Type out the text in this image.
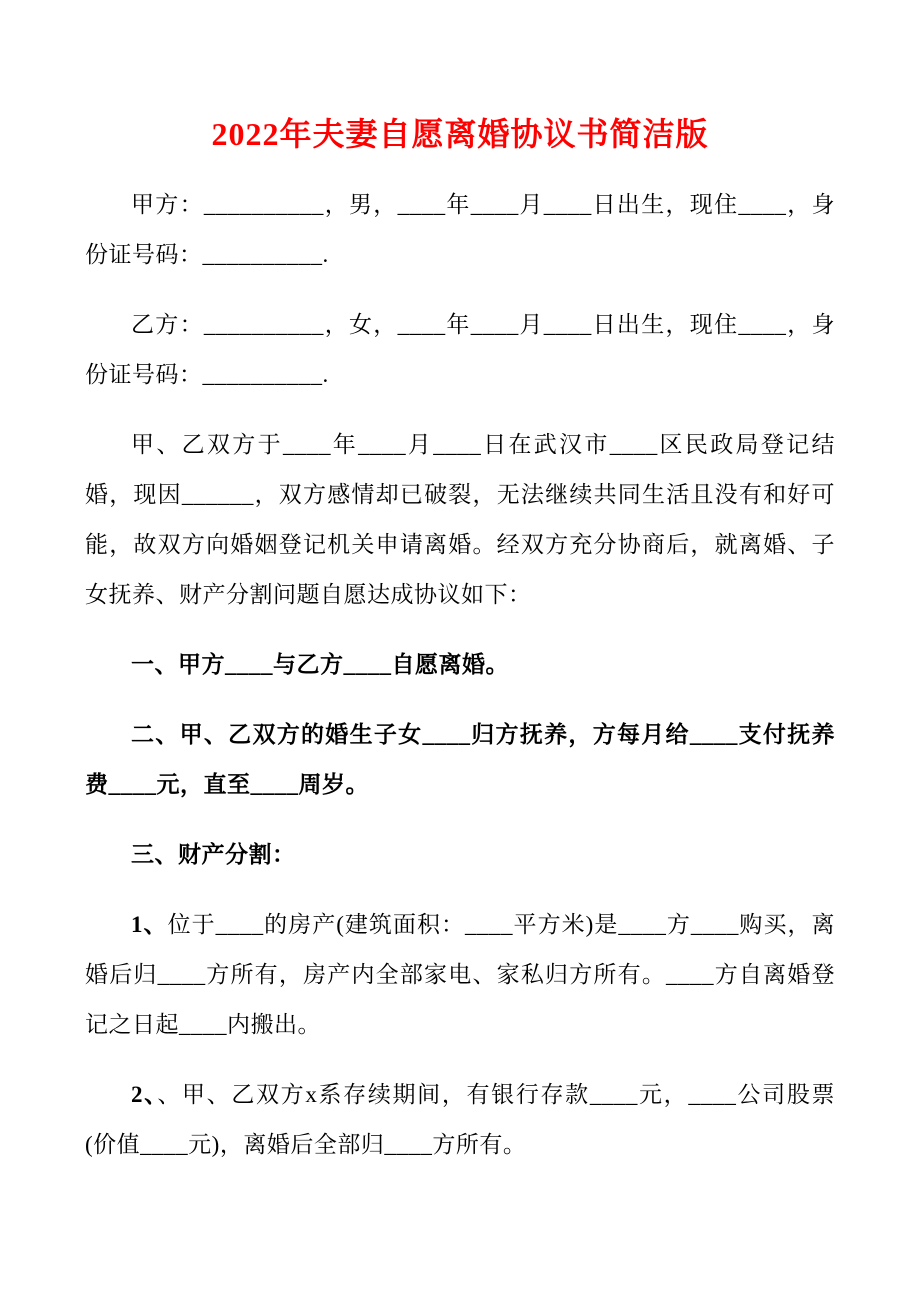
2022年夫妻自愿离婚协议书简洁版

甲方：__________，男，____年____月____日出生，现住____，身份证号码：__________.

乙方：__________，女，____年____月____日出生，现住____，身份证号码：__________.

甲、乙双方于____年____月____日在武汉市____区民政局登记结婚，现因______，双方感情却已破裂，无法继续共同生活且没有和好可能，故双方向婚姻登记机关申请离婚。经双方充分协商后，就离婚、子女抚养、财产分割问题自愿达成协议如下：

一、甲方____与乙方____自愿离婚。

二、甲、乙双方的婚生子女____归方抚养，方每月给____支付抚养费____元，直至____周岁。

三、财产分割：

1、位于____的房产(建筑面积：____平方米)是____方____购买，离婚后归____方所有，房产内全部家电、家私归方所有。____方自离婚登记之日起____内搬出。

2、、甲、乙双方x系存续期间，有银行存款____元，____公司股票(价值____元)，离婚后全部归____方所有。
